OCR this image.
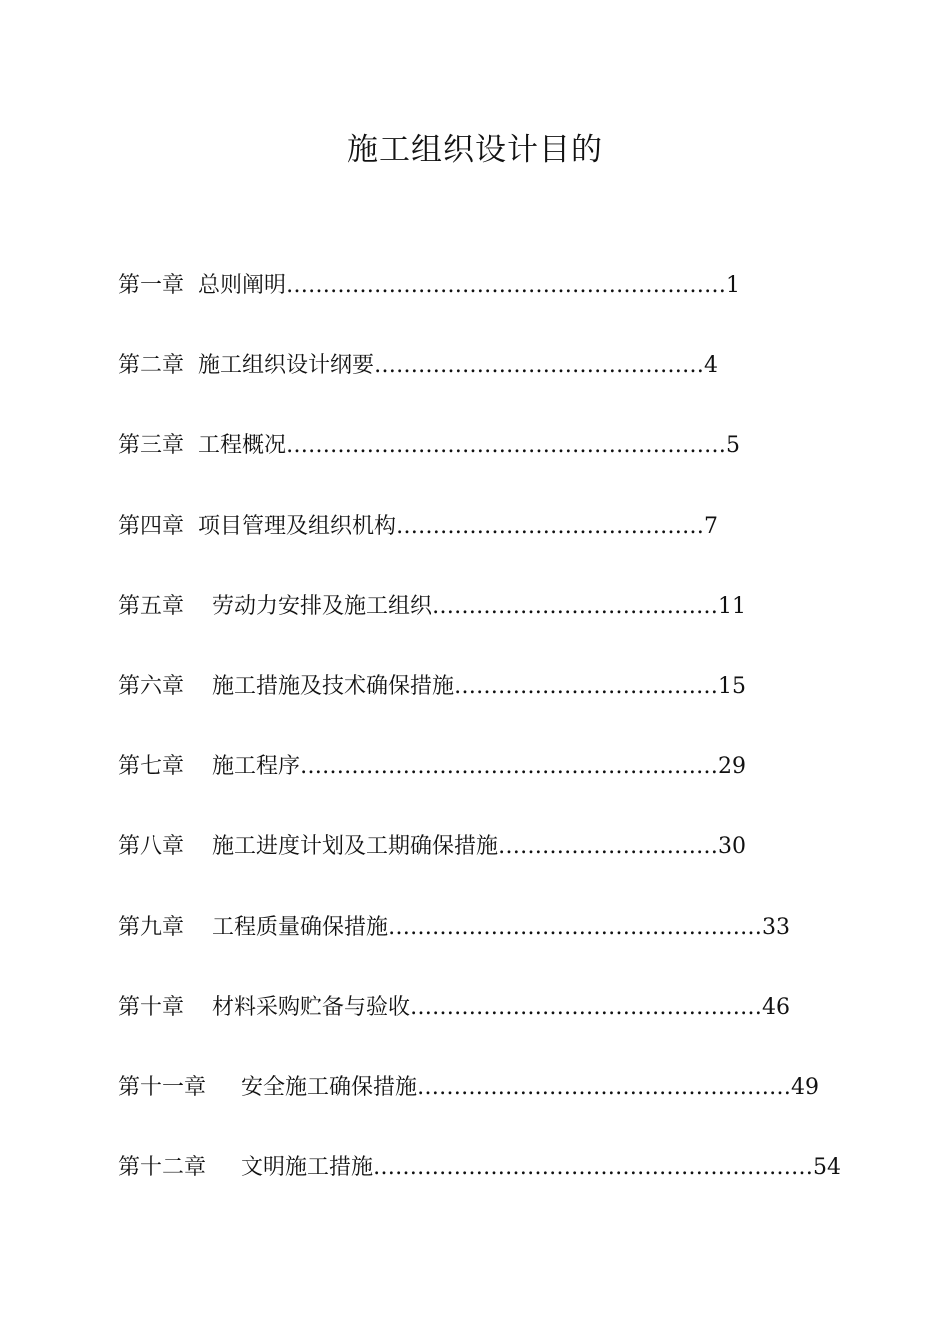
施工组织设计目的
第一章 总则阐明……………………………………………………1
第二章 施工组织设计纲要………………………………………4
第三章 工程概况……………………………………………………5
第四章 项目管理及组织机构……………………………………7
第五章 劳动力安排及施工组织…………………………………11
第六章 施工措施及技术确保措施………………………………15
第七章 施工程序…………………………………………………29
第八章 施工进度计划及工期确保措施…………………………30
第九章 工程质量确保措施……………………………………………33
第十章 材料采购贮备与验收…………………………………………46
第十一章 安全施工确保措施……………………………………………49
第十二章 文明施工措施……………………………………………………54
